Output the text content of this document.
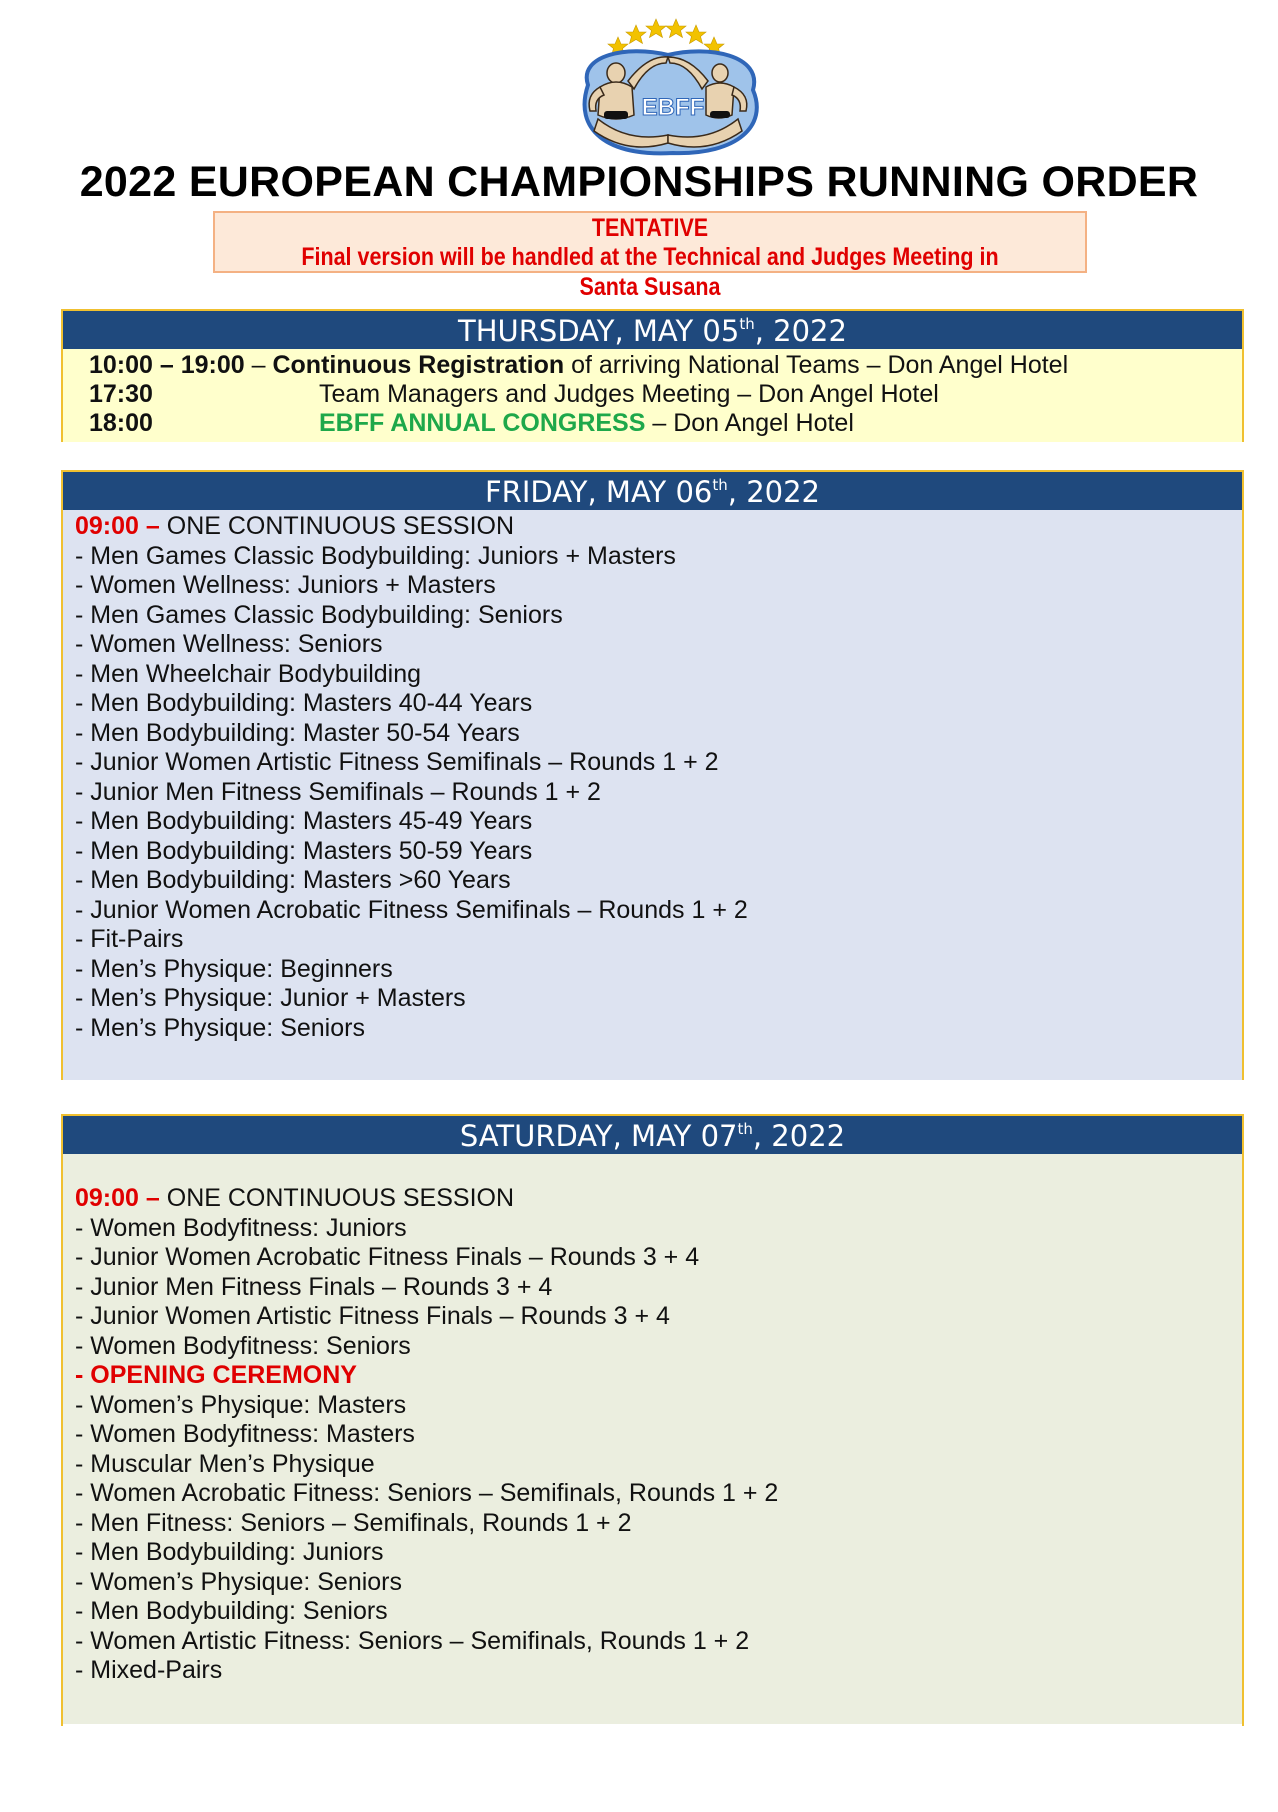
EBFF
2022 EUROPEAN CHAMPIONSHIPS RUNNING ORDER
TENTATIVE
Final version will be handled at the Technical and Judges Meeting in Santa Susana
THURSDAY, MAY 05th, 2022
10:00 – 19:00 – Continuous Registration of arriving National Teams – Don Angel Hotel
17:30	Team Managers and Judges Meeting – Don Angel Hotel
18:00	EBFF ANNUAL CONGRESS – Don Angel Hotel
FRIDAY, MAY 06th, 2022
09:00 – ONE CONTINUOUS SESSION
- Men Games Classic Bodybuilding: Juniors + Masters
- Women Wellness: Juniors + Masters
- Men Games Classic Bodybuilding: Seniors
- Women Wellness: Seniors
- Men Wheelchair Bodybuilding
- Men Bodybuilding: Masters 40-44 Years
- Men Bodybuilding: Master 50-54 Years
- Junior Women Artistic Fitness Semifinals – Rounds 1 + 2
- Junior Men Fitness Semifinals – Rounds 1 + 2
- Men Bodybuilding: Masters 45-49 Years
- Men Bodybuilding: Masters 50-59 Years
- Men Bodybuilding: Masters >60 Years
- Junior Women Acrobatic Fitness Semifinals – Rounds 1 + 2
- Fit-Pairs
- Men’s Physique: Beginners
- Men’s Physique: Junior + Masters
- Men’s Physique: Seniors
SATURDAY, MAY 07th, 2022
09:00 – ONE CONTINUOUS SESSION
- Women Bodyfitness: Juniors
- Junior Women Acrobatic Fitness Finals – Rounds 3 + 4
- Junior Men Fitness Finals – Rounds 3 + 4
- Junior Women Artistic Fitness Finals – Rounds 3 + 4
- Women Bodyfitness: Seniors
- OPENING CEREMONY
- Women’s Physique: Masters
- Women Bodyfitness: Masters
- Muscular Men’s Physique
- Women Acrobatic Fitness: Seniors – Semifinals, Rounds 1 + 2
- Men Fitness: Seniors – Semifinals, Rounds 1 + 2
- Men Bodybuilding: Juniors
- Women’s Physique: Seniors
- Men Bodybuilding: Seniors
- Women Artistic Fitness: Seniors – Semifinals, Rounds 1 + 2
- Mixed-Pairs
